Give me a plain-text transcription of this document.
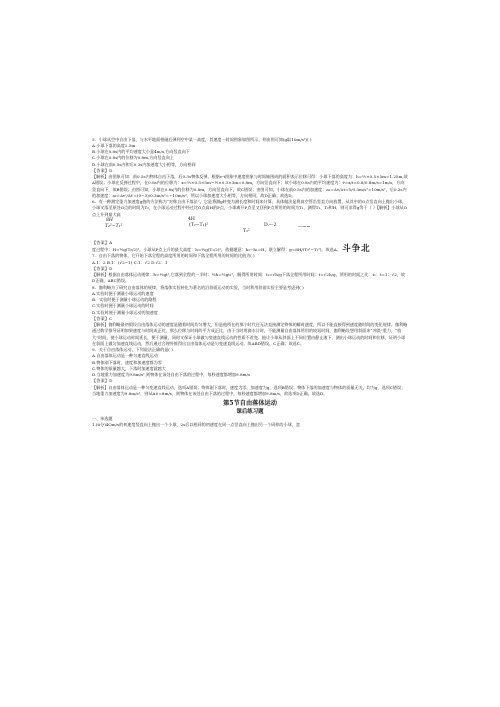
5．小球从空中自由下落，与水平地面相碰后弹到空中某一高度，其速度一时间图象如图所示，则由图可知(g取10m/s²)( )

A.小球下落的高度2.5m

B.小球在0.8s内的平均速度大小是4m/s,方向竖直向下

C.小球在0.8s内的位移为0.8m,方向竖直向上

D.小球在前0.5s内和后0.3s内加速度大小相等，方向相同

【答案】D

【解析】由图象可知：前0.5s内物体自由下落，后0.3s物体反弹，根据v-t图象中速度图象与时间轴围成的面积表示位移可得：小球下落的高度为：h=½×0.5×5m=1.25m,故A错误；小球在反弹过程中，在0.8s内的位移为：x=½×0.5×5m−½×0.3×3m=0.8m，方向竖直向下；故小球在0.8s内的平均速度为：v̄=x/t=0.8/0.8m/s=1m/s，方向竖直向下，故B错误；由图可知，小球在0.8s内的位移为0.8m，方向竖直向下，故C错误；由图可知，小球在前0.5s内的加速度：a₁=Δv/Δt=5/0.5m/s²=10m/s²，后0.3s内的加速度：a₂=Δv'/Δt'=(0−3)/0.3m/s²=−10m/s²，所以小球加速度大小相等，方向相同，故D正确；故选D。

6．有一种测定重力加速度g值的方法称为“对称自由下落法”，它是将测g转变为测长度和时间来计算，具体做法是将真空管沿竖直方向放置，从其中的O点竖直向上抛出小球，小球又落至原处O点的时间为T₂，在小球运动过程中经过比O点高H的P点，小球离开P点至又回到P点所用的时间为T₁，测得T₁、T₂和H，则可求得g等于（ ）【解析】小球从O点上升到最大高

8H
T₂²−T₁²
4H
(T₂−T₁)²	D.—2
T₂²
—~~

【答案】A

度过程中：H=½g(T₂/2)²，小球从P点上升的最大高度：h=½g(T₁/2)²，依据题意：h₂−h₁=H，联立解得：g=8H/(T₂²−T₁²)，故选A。 斗争北

7．自由下落的物体，它开始下落全程的高度所用的时间和下落全程所用的时间的比值为( )

A.1：2 B.1：(√2−1) C.1：√2 D.√2：1

【答案】D

【解析】根据自由落体运动规律：h=½gt²,它落到全程的一半时：½h=½gt₁²，解得所用时间：t₁=√h/g下落全程所用时间：t=√2h/g，所用的时间之比：t₁：t=1：√2，故D正确，ABC错误。

8．伽利略为了研究自由落体的规律，将落体实验转化为著名的沿斜面运动的实验，当时利用斜面实验主要是考虑到( )

A.实验时便于测量小球运动的速度

B．实验时便于测量小球运动的路程

C.实验时便于测量小球运动的时间

D.实验时便于测量小球运动的加速度

【答案】C

【解析】伽利略最初假设自由落体运动的速度是随着时间均匀增大，但是他所在的那个时代还无法直接测定物体的瞬时速度，所以不能直接得到速度随时间的变化规律。伽利略通过数学推导证明如果速度与时间成正比，那么位移与时间的平方成正比，由于当时用滴水计时，不能测量自由落体所用的较短时间，伽利略设想用斜面来“冲淡”重力，“放大”时间，使小球运动时间延长，便于测量，同时又保证小球做匀变速直线运动的性质不改变。他让小球从斜面上不同位置由静止滚下，测出小球运动的时间和位移，证明小球在斜面上做匀加速直线运动，然后通过合理外推得出自由落体运动是匀变速直线运动。故ABD错误，C正确；故选C。

9．关于自由落体运动，下列说法正确的是( )

A.自由落体运动是一种匀速直线运动

B.物体刚下落时，速度和加速度都为零

C.物体的质量越大，下落时加速度就越大

D.当地重力加速度为9.8m/s²,则物体在该处自由下落的过程中，每秒速度都增加9.8m/s

【答案】D

【解析】自由落体运动是一种匀变速直线运动，选项A错误；物体刚下落时，速度为零，加速度为g，选项B错误；物体下落的加速度与物体的质量无关，均为g，选项C错误；当地重力加速度为9.8m/s²，则从A∨=8m/s，则物体在该处自由下落的过程中，每秒速度都增加9.8m/s，故选项D正确。故选D。

第5节自由落体运动

课后练习题

一、单选题

1.(6分)4Om/s的初速度竖直向上抛出一个小球，2s后以相同的初速度在同一点竖直向上抛出另一个同样的小球，忽
